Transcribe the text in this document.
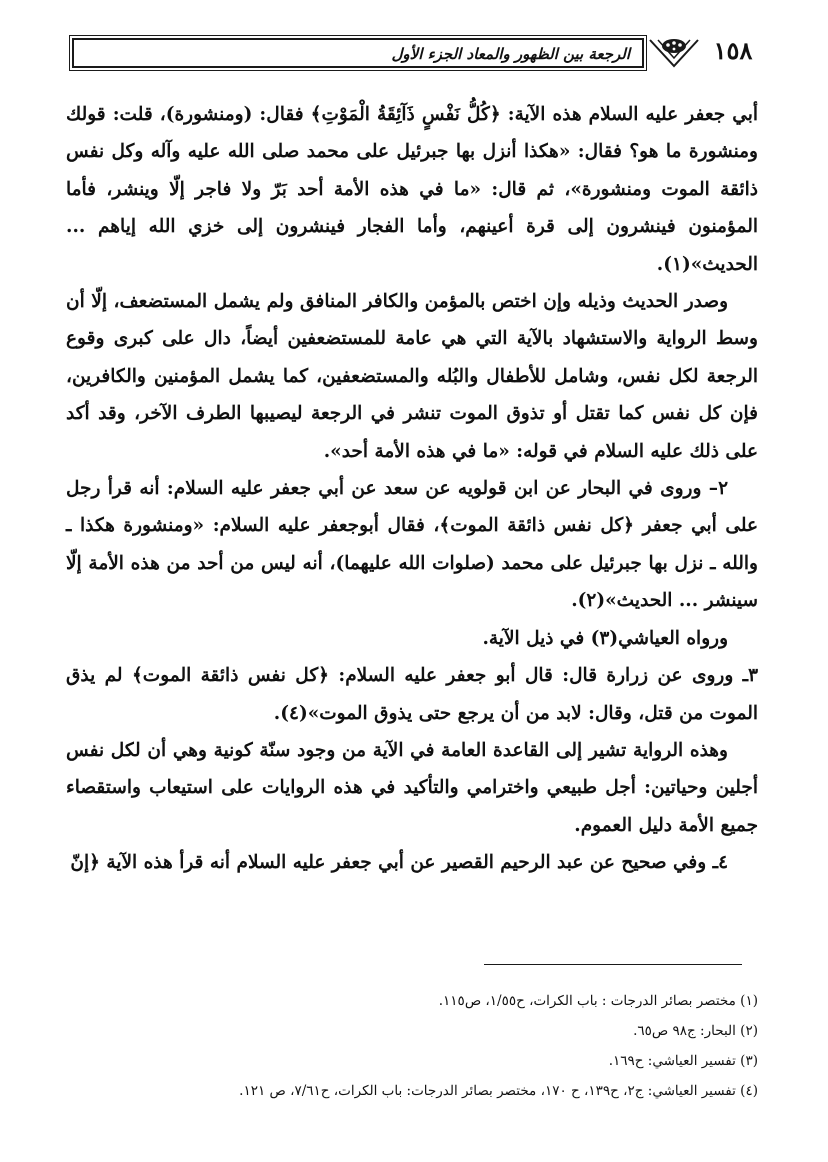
الرجعة بين الظهور والمعاد الجزء الأول	١٥٨

أبي جعفر عليه السلام هذه الآية: ﴿كُلُّ نَفْسٍ ذَآئِقَةُ الْمَوْتِ﴾ فقال: (ومنشورة)، قلت: قولك ومنشورة ما هو؟ فقال: «هكذا أنزل بها جبرئيل على محمد صلى الله عليه وآله وكل نفس ذائقة الموت ومنشورة»، ثم قال: «ما في هذه الأمة أحد بَرّ ولا فاجر إلّا وينشر، فأما المؤمنون فينشرون إلى قرة أعينهم، وأما الفجار فينشرون إلى خزي الله إياهم ... الحديث»(١).

وصدر الحديث وذيله وإن اختص بالمؤمن والكافر المنافق ولم يشمل المستضعف، إلّا أن وسط الرواية والاستشهاد بالآية التي هي عامة للمستضعفين أيضاً، دال على كبرى وقوع الرجعة لكل نفس، وشامل للأطفال والبُله والمستضعفين، كما يشمل المؤمنين والكافرين، فإن كل نفس كما تقتل أو تذوق الموت تنشر في الرجعة ليصيبها الطرف الآخر، وقد أكد على ذلك عليه السلام في قوله: «ما في هذه الأمة أحد».

٢– وروى في البحار عن ابن قولويه عن سعد عن أبي جعفر عليه السلام: أنه قرأ رجل على أبي جعفر ﴿كل نفس ذائقة الموت﴾، فقال أبوجعفر عليه السلام: «ومنشورة هكذا ـ والله ـ نزل بها جبرئيل على محمد (صلوات الله عليهما)، أنه ليس من أحد من هذه الأمة إلّا سينشر ... الحديث»(٢).

ورواه العياشي(٣) في ذيل الآية.

٣ـ وروى عن زرارة قال: قال أبو جعفر عليه السلام: ﴿كل نفس ذائقة الموت﴾ لم يذق الموت من قتل، وقال: لابد من أن يرجع حتى يذوق الموت»(٤).

وهذه الرواية تشير إلى القاعدة العامة في الآية من وجود سنّة كونية وهي أن لكل نفس أجلين وحياتين: أجل طبيعي واخترامي والتأكيد في هذه الروايات على استيعاب واستقصاء جميع الأمة دليل العموم.

٤ـ وفي صحيح عن عبد الرحيم القصير عن أبي جعفر عليه السلام أنه قرأ هذه الآية ﴿إنّ

(١) مختصر بصائر الدرجات : باب الكرات، ح١/٥٥، ص١١٥.
(٢) البحار: ج٩٨ ص٦٥.
(٣) تفسير العياشي: ح١٦٩.
(٤) تفسير العياشي: ج٢، ح١٣٩، ح ١٧٠، مختصر بصائر الدرجات: باب الكرات، ح٧/٦١، ص ١٢١.
